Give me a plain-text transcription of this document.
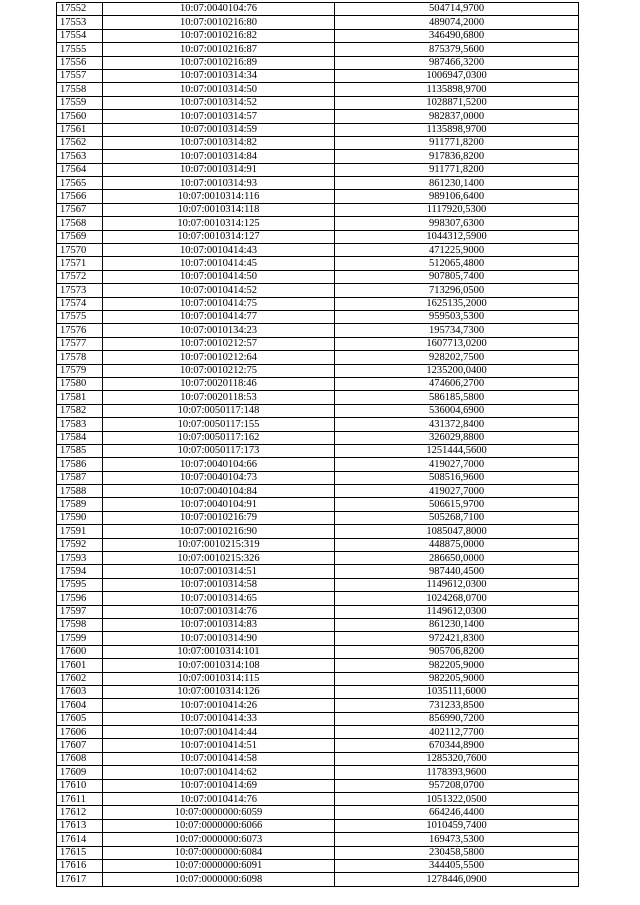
17552	10:07:0040104:76	504714,9700
17553	10:07:0010216:80	489074,2000
17554	10:07:0010216:82	346490,6800
17555	10:07:0010216:87	875379,5600
17556	10:07:0010216:89	987466,3200
17557	10:07:0010314:34	1006947,0300
17558	10:07:0010314:50	1135898,9700
17559	10:07:0010314:52	1028871,5200
17560	10:07:0010314:57	982837,0000
17561	10:07:0010314:59	1135898,9700
17562	10:07:0010314:82	911771,8200
17563	10:07:0010314:84	917836,8200
17564	10:07:0010314:91	911771,8200
17565	10:07:0010314:93	861230,1400
17566	10:07:0010314:116	989106,6400
17567	10:07:0010314:118	1117920,5300
17568	10:07:0010314:125	998307,6300
17569	10:07:0010314:127	1044312,5900
17570	10:07:0010414:43	471225,9000
17571	10:07:0010414:45	512065,4800
17572	10:07:0010414:50	907805,7400
17573	10:07:0010414:52	713296,0500
17574	10:07:0010414:75	1625135,2000
17575	10:07:0010414:77	959503,5300
17576	10:07:0010134:23	195734,7300
17577	10:07:0010212:57	1607713,0200
17578	10:07:0010212:64	928202,7500
17579	10:07:0010212:75	1235200,0400
17580	10:07:0020118:46	474606,2700
17581	10:07:0020118:53	586185,5800
17582	10:07:0050117:148	536004,6900
17583	10:07:0050117:155	431372,8400
17584	10:07:0050117:162	326029,8800
17585	10:07:0050117:173	1251444,5600
17586	10:07:0040104:66	419027,7000
17587	10:07:0040104:73	508516,9600
17588	10:07:0040104:84	419027,7000
17589	10:07:0040104:91	506615,9700
17590	10:07:0010216:79	505268,7100
17591	10:07:0010216:90	1085047,8000
17592	10:07:0010215:319	448875,0000
17593	10:07:0010215:326	286650,0000
17594	10:07:0010314:51	987440,4500
17595	10:07:0010314:58	1149612,0300
17596	10:07:0010314:65	1024268,0700
17597	10:07:0010314:76	1149612,0300
17598	10:07:0010314:83	861230,1400
17599	10:07:0010314:90	972421,8300
17600	10:07:0010314:101	905706,8200
17601	10:07:0010314:108	982205,9000
17602	10:07:0010314:115	982205,9000
17603	10:07:0010314:126	1035111,6000
17604	10:07:0010414:26	731233,8500
17605	10:07:0010414:33	856990,7200
17606	10:07:0010414:44	402112,7700
17607	10:07:0010414:51	670344,8900
17608	10:07:0010414:58	1285320,7600
17609	10:07:0010414:62	1178393,9600
17610	10:07:0010414:69	957208,0700
17611	10:07:0010414:76	1051322,0500
17612	10:07:0000000:6059	664246,4400
17613	10:07:0000000:6066	1010459,7400
17614	10:07:0000000:6073	169473,5300
17615	10:07:0000000:6084	230458,5800
17616	10:07:0000000:6091	344405,5500
17617	10:07:0000000:6098	1278446,0900
